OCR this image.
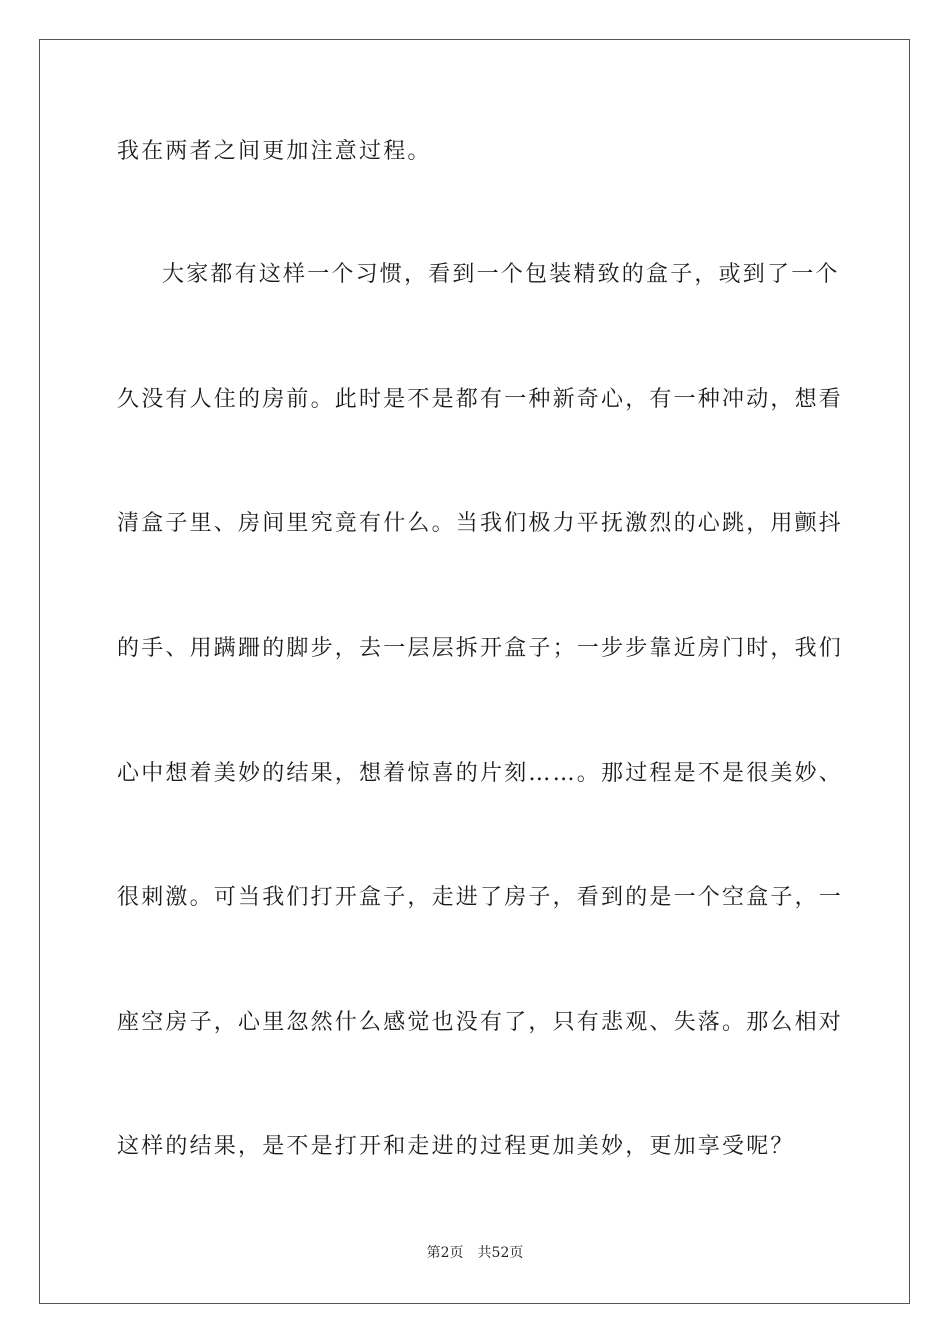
我在两者之间更加注意过程。
大家都有这样一个习惯，看到一个包装精致的盒子，或到了一个
久没有人住的房前。此时是不是都有一种新奇心，有一种冲动，想看
清盒子里、房间里究竟有什么。当我们极力平抚激烈的心跳，用颤抖
的手、用蹒跚的脚步，去一层层拆开盒子；一步步靠近房门时，我们
心中想着美妙的结果，想着惊喜的片刻……。那过程是不是很美妙、
很刺激。可当我们打开盒子，走进了房子，看到的是一个空盒子，一
座空房子，心里忽然什么感觉也没有了，只有悲观、失落。那么相对
这样的结果，是不是打开和走进的过程更加美妙，更加享受呢？
第2页 共52页
